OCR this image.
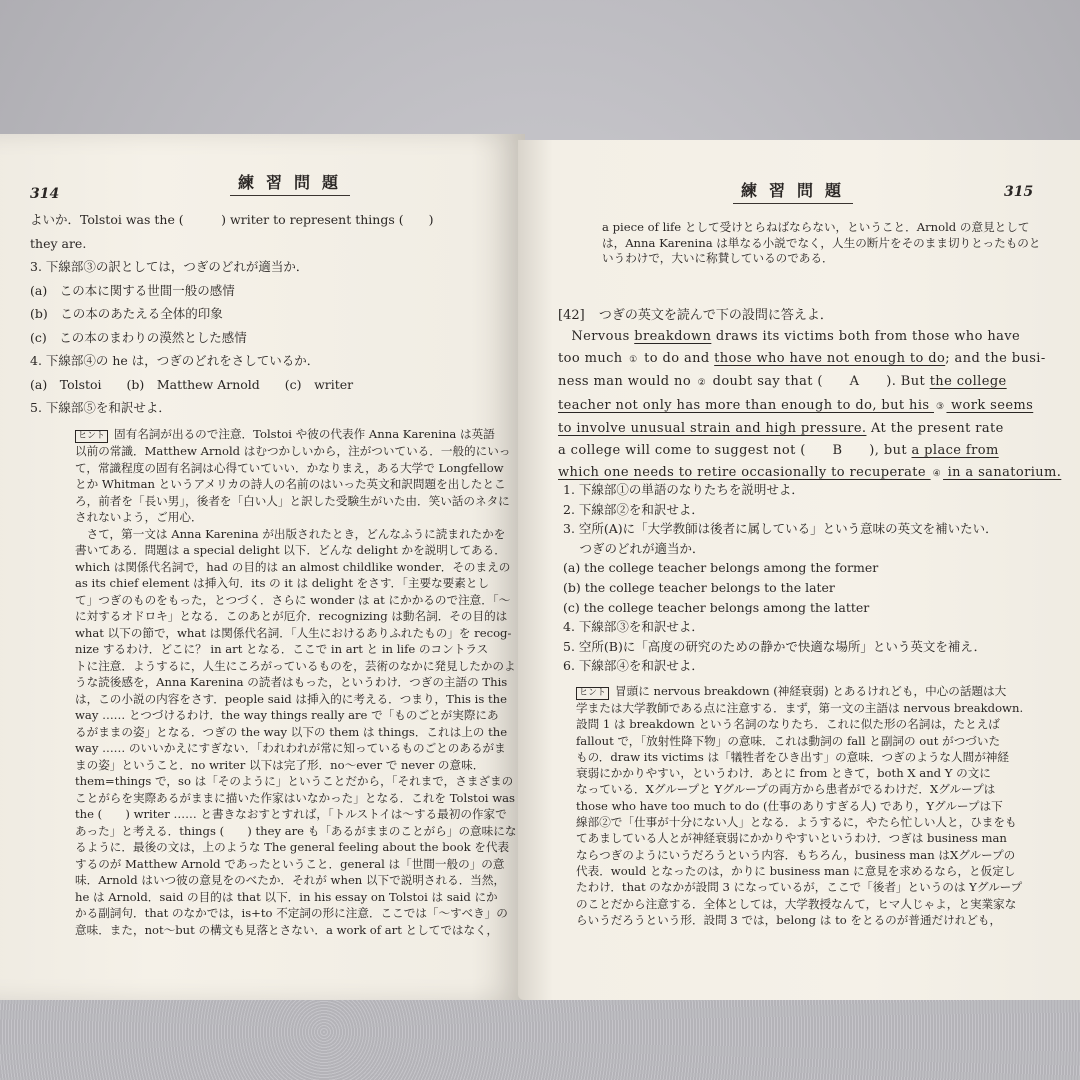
練習問題
314
よいか．Tolstoi was the (　　　) writer to represent things (　　)
they are.
3. 下線部③の訳としては，つぎのどれが適当か．
(a)　この本に関する世間一般の感情
(b)　この本のあたえる全体的印象
(c)　この本のまわりの漠然とした感情
4. 下線部④の he は，つぎのどれをさしているか．
(a)　Tolstoi　　(b)　Matthew Arnold　　(c)　writer
5. 下線部⑤を和訳せよ．
ヒント 固有名詞が出るので注意．Tolstoi や彼の代表作 Anna Karenina は英語
以前の常識．Matthew Arnold はむつかしいから，注がついている．一般的にいっ
て，常識程度の固有名詞は心得ていていい．かなりまえ，ある大学で Longfellow
とか Whitman というアメリカの詩人の名前のはいった英文和訳問題を出したとこ
ろ，前者を「長い男」，後者を「白い人」と訳した受験生がいた由．笑い話のネタに
されないよう，ご用心．
　さて，第一文は Anna Karenina が出版されたとき，どんなふうに読まれたかを
書いてある．問題は a special delight 以下．どんな delight かを説明してある．
which は関係代名詞で，had の目的は an almost childlike wonder．そのまえの
as its chief element は挿入句．its の it は delight をさす．「主要な要素とし
て」つぎのものをもった，とつづく．さらに wonder は at にかかるので注意．「～
に対するオドロキ」となる．このあとが厄介．recognizing は動名詞．その目的は
what 以下の節で，what は関係代名詞．「人生におけるありふれたもの」を recog-
nize するわけ．どこに？ in art となる．ここで in art と in life のコントラス
トに注意．ようするに，人生にころがっているものを，芸術のなかに発見したかのよ
うな読後感を，Anna Karenina の読者はもった，というわけ．つぎの主語の This
は，この小説の内容をさす．people said は挿入的に考える．つまり，This is the
way …… とつづけるわけ．the way things really are で「ものごとが実際にあ
るがままの姿」となる．つぎの the way 以下の them は things．これは上の the
way …… のいいかえにすぎない．「われわれが常に知っているものごとのあるがま
まの姿」ということ．no writer 以下は完了形．no～ever で never の意味．
them=things で，so は「そのように」ということだから，「それまで，さまざまの
ことがらを実際あるがままに描いた作家はいなかった」となる．これを Tolstoi was
the (　　) writer …… と書きなおすとすれば，「トルストイは～する最初の作家で
あった」と考える．things (　　) they are も「あるがままのことがら」の意味にな
るように．最後の文は，上のような The general feeling about the book を代表
するのが Matthew Arnold であったということ．general は「世間一般の」の意
味．Arnold はいつ彼の意見をのべたか．それが when 以下で説明される．当然，
he は Arnold．said の目的は that 以下．in his essay on Tolstoi は said にか
かる副詞句．that のなかでは，is+to 不定詞の形に注意．ここでは「～すべき」の
意味．また，not～but の構文も見落とさない．a work of art としてではなく，
練習問題	315
a piece of life として受けとらねばならない，ということ．Arnold の意見として
は，Anna Karenina は単なる小説でなく，人生の断片をそのまま切りとったものと
いうわけで，大いに称賛しているのである．
[42] つぎの英文を読んで下の設問に答えよ．
　Nervous breakdown draws its victims both from those who have
too much ① to do and those who have not enough to do; and the busi-
ness man would no ② doubt say that (　　A　　). But the college
teacher not only has more than enough to do, but his ③ work seems
to involve unusual strain and high pressure. At the present rate
a college will come to suggest not (　　B　　), but a place from
which one needs to retire occasionally to recuperate ④ in a sanatorium.
1. 下線部①の単語のなりたちを説明せよ．
2. 下線部②を和訳せよ．
3. 空所(A)に「大学教師は後者に属している」という意味の英文を補いたい．
　 つぎのどれが適当か．
(a) the college teacher belongs among the former
(b) the college teacher belongs to the later
(c) the college teacher belongs among the latter
4. 下線部③を和訳せよ．
5. 空所(B)に「高度の研究のための静かで快適な場所」という英文を補え．
6. 下線部④を和訳せよ．
ヒント 冒頭に nervous breakdown (神経衰弱) とあるけれども，中心の話題は大
学または大学教師である点に注意する．まず，第一文の主語は nervous breakdown.
設問 1 は breakdown という名詞のなりたち．これに似た形の名詞は，たとえば
fallout で，「放射性降下物」の意味．これは動詞の fall と副詞の out がつづいた
もの．draw its victims は「犠牲者をひき出す」の意味．つぎのような人間が神経
衰弱にかかりやすい，というわけ．あとに from ときて，both X and Y の文に
なっている．Xグループと Yグループの両方から患者がでるわけだ．Xグループは
those who have too much to do (仕事のありすぎる人) であり，Yグループは下
線部②で「仕事が十分にない人」となる．ようするに，やたら忙しい人と，ひまをも
てあましている人とが神経衰弱にかかりやすいというわけ．つぎは business man
ならつぎのようにいうだろうという内容．もちろん，business man はXグループの
代表．would となったのは，かりに business man に意見を求めるなら，と仮定し
たわけ．that のなかが設問 3 になっているが，ここで「後者」というのは Yグループ
のことだから注意する．全体としては，大学教授なんて，ヒマ人じゃよ，と実業家な
らいうだろうという形．設問 3 では，belong は to をとるのが普通だけれども，
